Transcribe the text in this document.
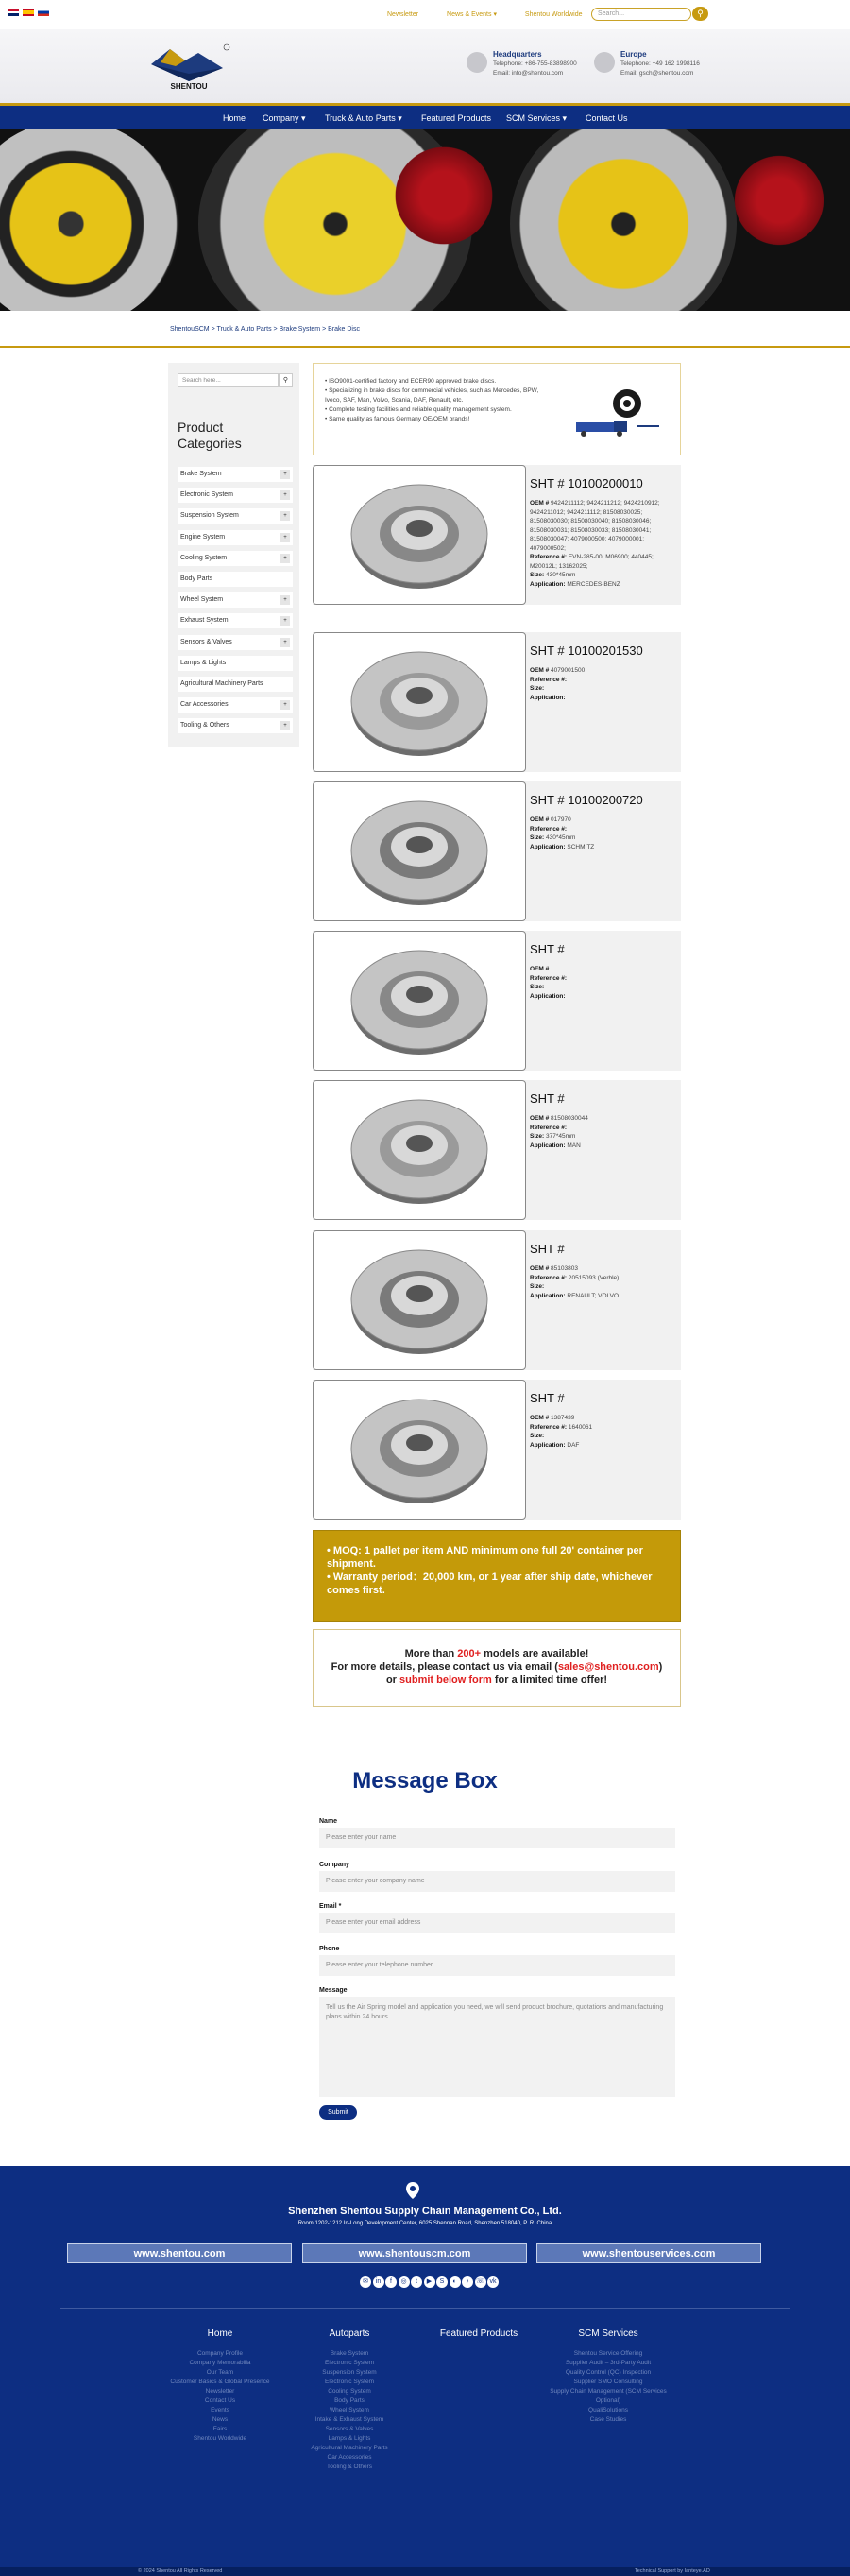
Newsletter	News & Events ▾	Shentou Worldwide	Search...	⚲
SHENTOU
Headquarters
Telephone: +86-755-83898900
Email: info@shentou.com
Europe
Telephone: +49 162 1998116
Email: gsch@shentou.com
Home Company ▾ Truck & Auto Parts ▾ Featured Products SCM Services ▾ Contact Us
ShentouSCM > Truck & Auto Parts > Brake System > Brake Disc
Search here...	⚲
Product Categories
Brake System	+
Electronic System	+
Suspension System	+
Engine System	+
Cooling System	+
Body Parts
Wheel System	+
Exhaust System	+
Sensors & Valves	+
Lamps & Lights
Agricultural Machinery Parts
Car Accessories	+
Tooling & Others	+
• ISO9001-certified factory and ECER90 approved brake discs.
• Specializing in brake discs for commercial vehicles, such as Mercedes, BPW, Iveco, SAF, Man, Volvo, Scania, DAF, Renault, etc.
• Complete testing facilities and reliable quality management system.
• Same quality as famous Germany OE/OEM brands!
SHT # 10100200010
OEM # 9424211112; 9424211212; 9424210912; 9424211012; 9424211112; 81508030025; 81508030030; 81508030040; 81508030046; 81508030031; 81508030033; 81508030041; 81508030047; 4079000500; 4079000001; 4079000502;
Reference #: EVN-285-00; M06900; 440445; M20012L; 13162025;
Size: 430*45mm
Application: MERCEDES-BENZ
SHT # 10100201530
OEM # 4079001500
Reference #:
Size:
Application:
SHT # 10100200720
OEM # 017970
Reference #:
Size: 430*45mm
Application: SCHMITZ
SHT #
OEM #
Reference #:
Size:
Application:
SHT #
OEM # 81508030044
Reference #:
Size: 377*45mm
Application: MAN
SHT #
OEM # 85103803
Reference #: 20515093 (Verble)
Size:
Application: RENAULT; VOLVO
SHT #
OEM # 1387439
Reference #: 1640061
Size:
Application: DAF
• MOQ: 1 pallet per item AND minimum one full 20' container per shipment.
• Warranty period：20,000 km, or 1 year after ship date, whichever comes first.
More than 200+ models are available!
For more details, please contact us via email (sales@shentou.com)
or submit below form for a limited time offer!
Message Box
Name
Please enter your name
Company
Please enter your company name
Email *
Please enter your email address
Phone
Please enter your telephone number
Message
Tell us the Air Spring model and application you need, we will send product brochure, quotations and manufacturing plans within 24 hours
Submit
Shenzhen Shentou Supply Chain Management Co., Ltd.
Room 1202-1212 In-Long Development Center, 6025 Shennan Road, Shenzhen 518040, P. R. China
www.shentou.com	www.shentouscm.com	www.shentouservices.com
✉	in	f	◎	t	▶	S	◐	♪	☏ vk
Home
Company Profile
Company Memorabilia
Our Team
Customer Basics & Global Presence
Newsletter
Contact Us
Events
News
Fairs
Shentou Worldwide
Autoparts
Brake System
Electronic System
Suspension System
Electronic System
Cooling System
Body Parts
Wheel System
Intake & Exhaust System
Sensors & Valves
Lamps & Lights
Agricultural Machinery Parts
Car Accessories
Tooling & Others
Featured Products	SCM Services
Shentou Service Offering
Supplier Audit – 3rd-Party Audit
Quality Control (QC) Inspection
Supplier SMO Consulting
Supply Chain Management (SCM Services Optional)
QualiSolutions
Case Studies
© 2024 Shentou All Rights Reserved	Technical Support by Ianteye.AD
